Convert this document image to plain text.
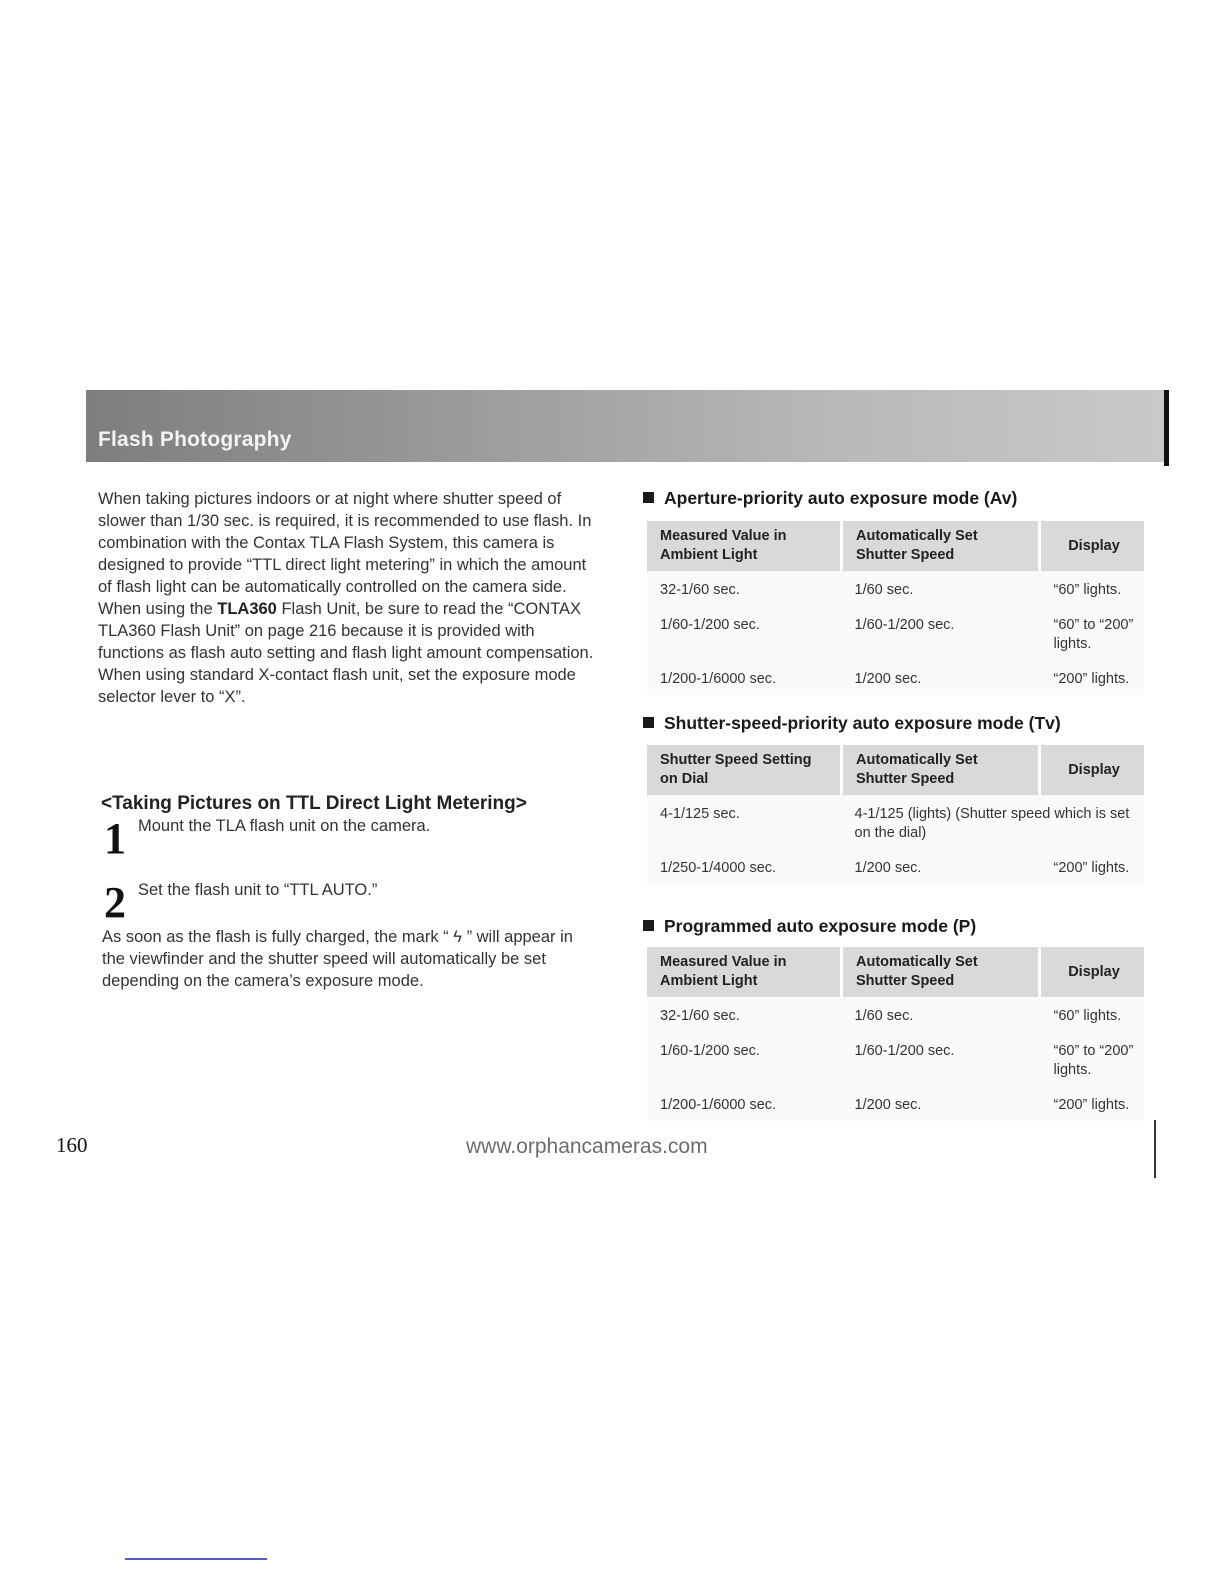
Flash Photography

When taking pictures indoors or at night where shutter speed of slower than 1/30 sec. is required, it is recommended to use flash. In combination with the Contax TLA Flash System, this camera is designed to provide “TTL direct light metering” in which the amount of flash light can be automatically controlled on the camera side.

When using the TLA360 Flash Unit, be sure to read the “CONTAX TLA360 Flash Unit” on page 216 because it is provided with functions as flash auto setting and flash light amount compensation.

When using standard X-contact flash unit, set the exposure mode selector lever to “X”.

<Taking Pictures on TTL Direct Light Metering>
1 Mount the TLA flash unit on the camera.
2 Set the flash unit to “TTL AUTO.”

As soon as the flash is fully charged, the mark “ ϟ ” will appear in the viewfinder and the shutter speed will automatically be set depending on the camera’s exposure mode.

Aperture-priority auto exposure mode (Av)
Measured Value in Ambient Light	Automatically Set Shutter Speed	Display
32-1/60 sec.	1/60 sec.	“60” lights.
1/60-1/200 sec.	1/60-1/200 sec.	“60” to “200” lights.
1/200-1/6000 sec.	1/200 sec.	“200” lights.
Shutter-speed-priority auto exposure mode (Tv)
Shutter Speed Setting on Dial	Automatically Set Shutter Speed	Display
4-1/125 sec.	4-1/125 (lights) (Shutter speed which is set on the dial)	
1/250-1/4000 sec.	1/200 sec.	“200” lights.
Programmed auto exposure mode (P)
Measured Value in Ambient Light	Automatically Set Shutter Speed	Display
32-1/60 sec.	1/60 sec.	“60” lights.
1/60-1/200 sec.	1/60-1/200 sec.	“60” to “200” lights.
1/200-1/6000 sec.	1/200 sec.	“200” lights.
160	www.orphancameras.com
